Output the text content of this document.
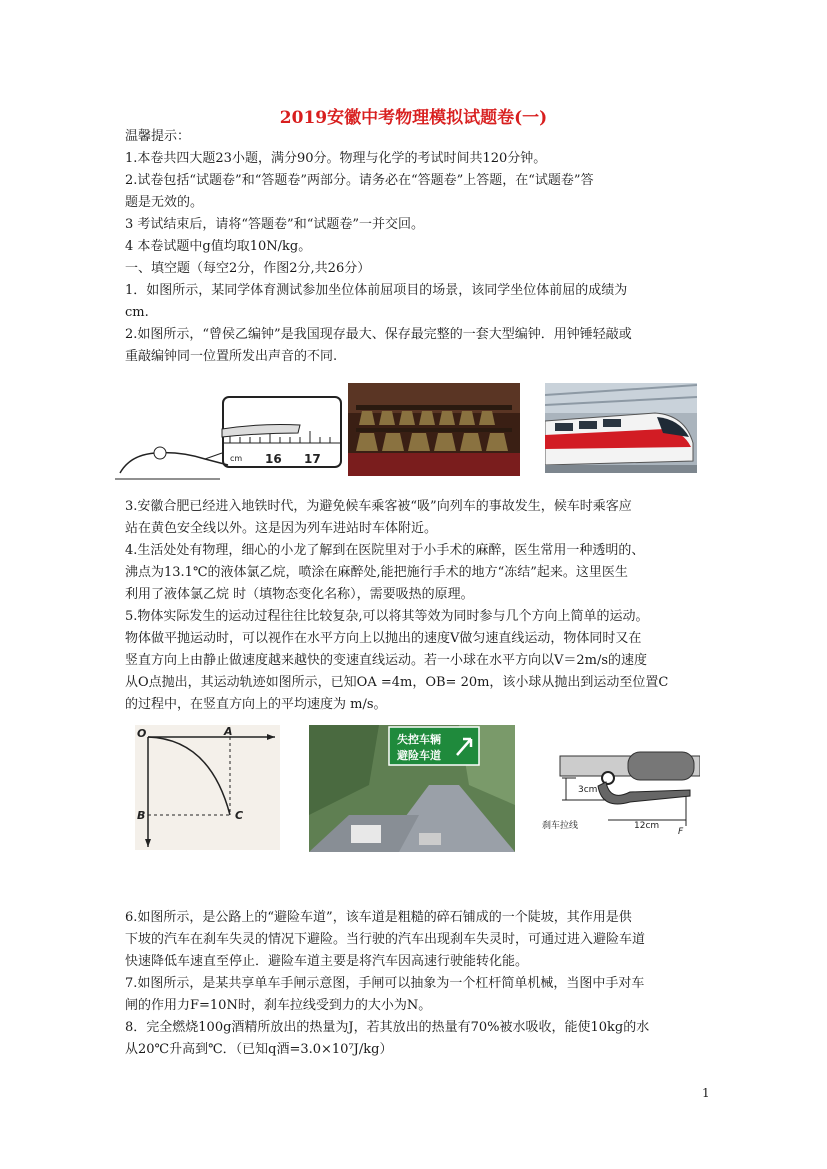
2019安徽中考物理模拟试题卷(一)
温馨提示：
1.本卷共四大题23小题，满分90分。物理与化学的考试时间共120分钟。
2.试卷包括“试题卷”和“答题卷”两部分。请务必在“答题卷”上答题，在“试题卷”答
题是无效的。
3 考试结束后，请将“答题卷”和“试题卷”一并交回。
4 本卷试题中g值均取10N/kg。
一、填空题（每空2分，作图2分,共26分）
1．如图所示，某同学体育测试参加坐位体前屈项目的场景，该同学坐位体前屈的成绩为
cm.
2.如图所示，“曾侯乙编钟”是我国现存最大、保存最完整的一套大型编钟．用钟锤轻敲或
重敲编钟同一位置所发出声音的不同.
16 17
cm
3.安徽合肥已经进入地铁时代，为避免候车乘客被“吸”向列车的事故发生，候车时乘客应
站在黄色安全线以外。这是因为列车进站时车体附近。
4.生活处处有物理，细心的小龙了解到在医院里对于小手术的麻醉，医生常用一种透明的、
沸点为13.1℃的液体氯乙烷，喷涂在麻醉处,能把施行手术的地方“冻结”起来。这里医生
利用了液体氯乙烷 时（填物态变化名称），需要吸热的原理。
5.物体实际发生的运动过程往往比较复杂,可以将其等效为同时参与几个方向上简单的运动。
物体做平抛运动时，可以视作在水平方向上以抛出的速度V做匀速直线运动，物体同时又在
竖直方向上由静止做速度越来越快的变速直线运动。若一小球在水平方向以V＝2m/s的速度
从O点抛出，其运动轨迹如图所示，已知OA =4m，OB= 20m，该小球从抛出到运动至位置C
的过程中，在竖直方向上的平均速度为 m/s。
O	A
B	C
失控车辆
避险车道
3cm
12cm
F
刹车拉线
6.如图所示，是公路上的“避险车道”，该车道是粗糙的碎石铺成的一个陡坡，其作用是供
下坡的汽车在刹车失灵的情况下避险。当行驶的汽车出现刹车失灵时，可通过进入避险车道
快速降低车速直至停止．避险车道主要是将汽车因高速行驶能转化能。
7.如图所示，是某共享单车手闸示意图，手闸可以抽象为一个杠杆简单机械，当图中手对车
闸的作用力F=10N时，刹车拉线受到力的大小为N。
8．完全燃烧100g酒精所放出的热量为J，若其放出的热量有70%被水吸收，能使10kg的水
从20℃升高到℃．（已知q酒=3.0×10⁷J/kg）
1
